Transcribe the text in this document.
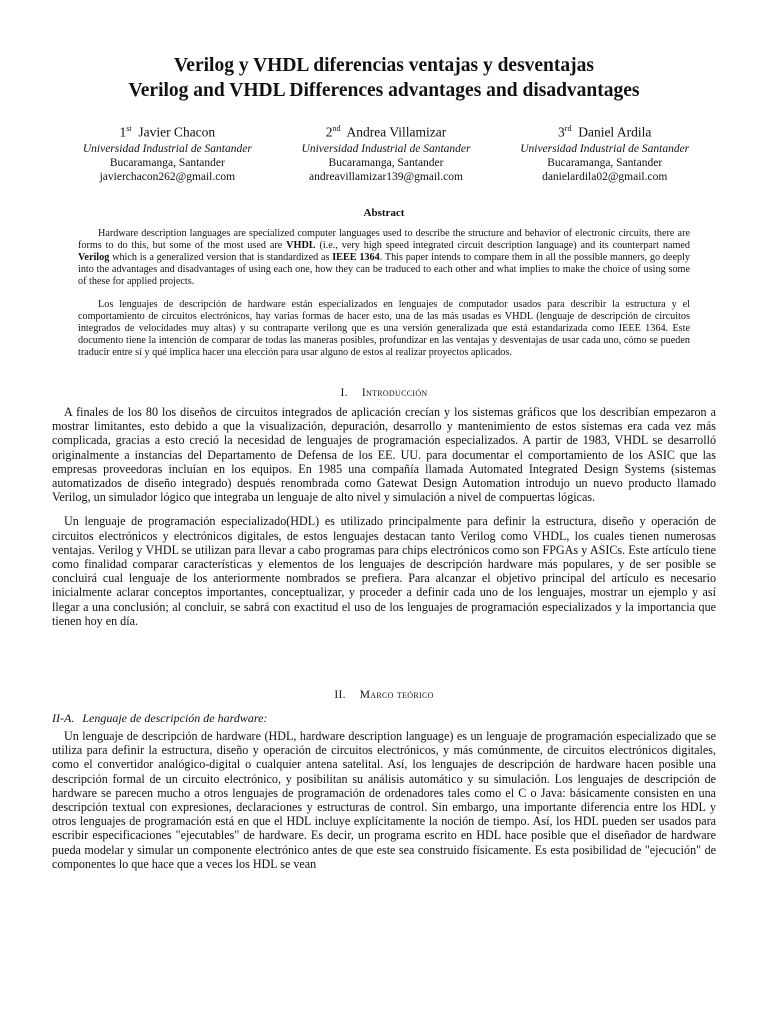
Verilog y VHDL diferencias ventajas y desventajas
Verilog and VHDL Differences advantages and disadvantages
1st Javier Chacon
Universidad Industrial de Santander
Bucaramanga, Santander
javierchacon262@gmail.com
2nd Andrea Villamizar
Universidad Industrial de Santander
Bucaramanga, Santander
andreavillamizar139@gmail.com
3rd Daniel Ardila
Universidad Industrial de Santander
Bucaramanga, Santander
danielardila02@gmail.com
Abstract

Hardware description languages are specialized computer languages used to describe the structure and behavior of electronic circuits, there are forms to do this, but some of the most used are VHDL (i.e., very high speed integrated circuit description language) and its counterpart named Verilog which is a generalized version that is standardized as IEEE 1364. This paper intends to compare them in all the possible manners, go deeply into the advantages and disadvantages of using each one, how they can be traduced to each other and what implies to make the choice of using some of these for applied projects.

Los lenguajes de descripción de hardware están especializados en lenguajes de computador usados para describir la estructura y el comportamiento de circuitos electrónicos, hay varias formas de hacer esto, una de las más usadas es VHDL (lenguaje de descripción de circuitos integrados de velocidades muy altas) y su contraparte verilong que es una versión generalizada que está estandarizada como IEEE 1364. Este documento tiene la intención de comparar de todas las maneras posibles, profundizar en las ventajas y desventajas de usar cada uno, cómo se pueden traducir entre sí y qué implica hacer una elección para usar alguno de estos al realizar proyectos aplicados.

I. Introducción

A finales de los 80 los diseños de circuitos integrados de aplicación crecían y los sistemas gráficos que los describían empezaron a mostrar limitantes, esto debido a que la visualización, depuración, desarrollo y mantenimiento de estos sistemas era cada vez más complicada, gracias a esto creció la necesidad de lenguajes de programación especializados. A partir de 1983, VHDL se desarrolló originalmente a instancias del Departamento de Defensa de los EE. UU. para documentar el comportamiento de los ASIC que las empresas proveedoras incluían en los equipos. En 1985 una compañía llamada Automated Integrated Design Systems (sistemas automatizados de diseño integrado) después renombrada como Gatewat Design Automation introdujo un nuevo producto llamado Verilog, un simulador lógico que integraba un lenguaje de alto nivel y simulación a nivel de compuertas lógicas.

Un lenguaje de programación especializado(HDL) es utilizado principalmente para definir la estructura, diseño y operación de circuitos electrónicos y electrónicos digitales, de estos lenguajes destacan tanto Verilog como VHDL, los cuales tienen numerosas ventajas. Verilog y VHDL se utilizan para llevar a cabo programas para chips electrónicos como son FPGAs y ASICs. Este artículo tiene como finalidad comparar características y elementos de los lenguajes de descripción hardware más populares, y de ser posible se concluirá cual lenguaje de los anteriormente nombrados se prefiera. Para alcanzar el objetivo principal del artículo es necesario inicialmente aclarar conceptos importantes, conceptualizar, y proceder a definir cada uno de los lenguajes, mostrar un ejemplo y así llegar a una conclusión; al concluir, se sabrá con exactitud el uso de los lenguajes de programación especializados y la importancia que tienen hoy en día.

II. Marco teórico
II-A. Lenguaje de descripción de hardware:

Un lenguaje de descripción de hardware (HDL, hardware description language) es un lenguaje de programación especializado que se utiliza para definir la estructura, diseño y operación de circuitos electrónicos, y más comúnmente, de circuitos electrónicos digitales, como el convertidor analógico-digital o cualquier antena satelital. Así, los lenguajes de descripción de hardware hacen posible una descripción formal de un circuito electrónico, y posibilitan su análisis automático y su simulación. Los lenguajes de descripción de hardware se parecen mucho a otros lenguajes de programación de ordenadores tales como el C o Java: básicamente consisten en una descripción textual con expresiones, declaraciones y estructuras de control. Sin embargo, una importante diferencia entre los HDL y otros lenguajes de programación está en que el HDL incluye explícitamente la noción de tiempo. Así, los HDL pueden ser usados para escribir especificaciones "ejecutables" de hardware. Es decir, un programa escrito en HDL hace posible que el diseñador de hardware pueda modelar y simular un componente electrónico antes de que este sea construido físicamente. Es esta posibilidad de "ejecución" de componentes lo que hace que a veces los HDL se vean
